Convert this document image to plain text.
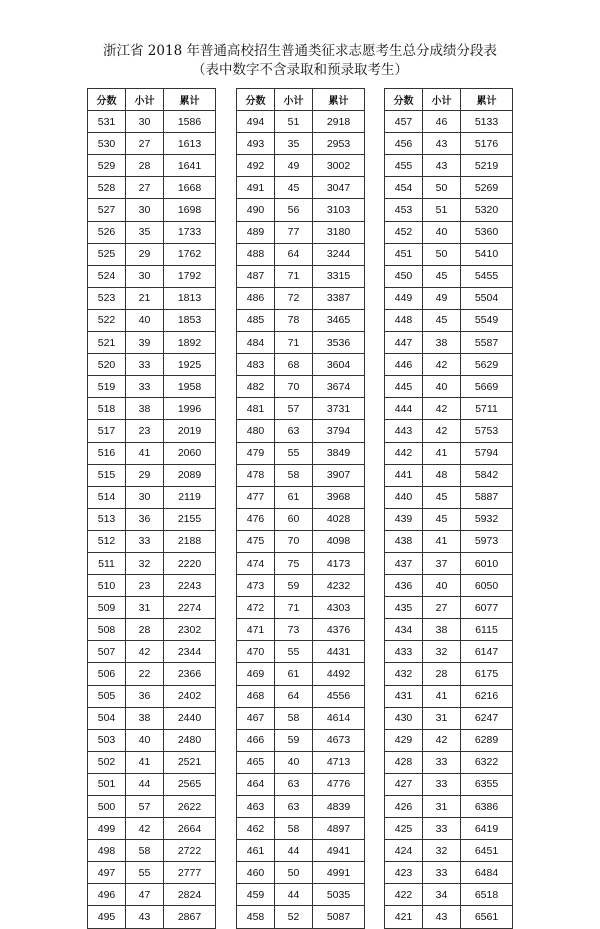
浙江省 2018 年普通高校招生普通类征求志愿考生总分成绩分段表
（表中数字不含录取和预录取考生）
分数	小计	累计
531	30	1586
530	27	1613
529	28	1641
528	27	1668
527	30	1698
526	35	1733
525	29	1762
524	30	1792
523	21	1813
522	40	1853
521	39	1892
520	33	1925
519	33	1958
518	38	1996
517	23	2019
516	41	2060
515	29	2089
514	30	2119
513	36	2155
512	33	2188
511	32	2220
510	23	2243
509	31	2274
508	28	2302
507	42	2344
506	22	2366
505	36	2402
504	38	2440
503	40	2480
502	41	2521
501	44	2565
500	57	2622
499	42	2664
498	58	2722
497	55	2777
496	47	2824
495	43	2867
分数	小计	累计
494	51	2918
493	35	2953
492	49	3002
491	45	3047
490	56	3103
489	77	3180
488	64	3244
487	71	3315
486	72	3387
485	78	3465
484	71	3536
483	68	3604
482	70	3674
481	57	3731
480	63	3794
479	55	3849
478	58	3907
477	61	3968
476	60	4028
475	70	4098
474	75	4173
473	59	4232
472	71	4303
471	73	4376
470	55	4431
469	61	4492
468	64	4556
467	58	4614
466	59	4673
465	40	4713
464	63	4776
463	63	4839
462	58	4897
461	44	4941
460	50	4991
459	44	5035
458	52	5087
分数	小计	累计
457	46	5133
456	43	5176
455	43	5219
454	50	5269
453	51	5320
452	40	5360
451	50	5410
450	45	5455
449	49	5504
448	45	5549
447	38	5587
446	42	5629
445	40	5669
444	42	5711
443	42	5753
442	41	5794
441	48	5842
440	45	5887
439	45	5932
438	41	5973
437	37	6010
436	40	6050
435	27	6077
434	38	6115
433	32	6147
432	28	6175
431	41	6216
430	31	6247
429	42	6289
428	33	6322
427	33	6355
426	31	6386
425	33	6419
424	32	6451
423	33	6484
422	34	6518
421	43	6561
